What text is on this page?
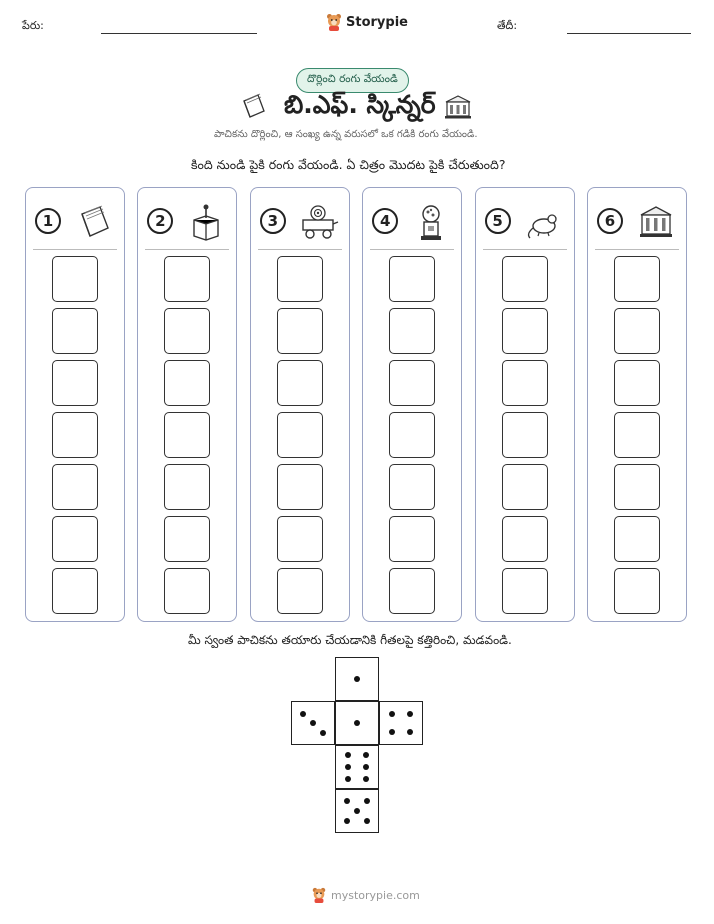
పేరు:	Storypie	తేదీ:
దొర్లించి రంగు వేయండి
బి.ఎఫ్. స్కిన్నర్
పాచికను దొర్లించి, ఆ సంఖ్య ఉన్న వరుసలో ఒక గడికి రంగు వేయండి.
కింది నుండి పైకి రంగు వేయండి. ఏ చిత్రం మొదట పైకి చేరుతుంది?
1	2	3	4	5	6
మీ స్వంత పాచికను తయారు చేయడానికి గీతలపై కత్తిరించి, మడవండి.
mystorypie.com
